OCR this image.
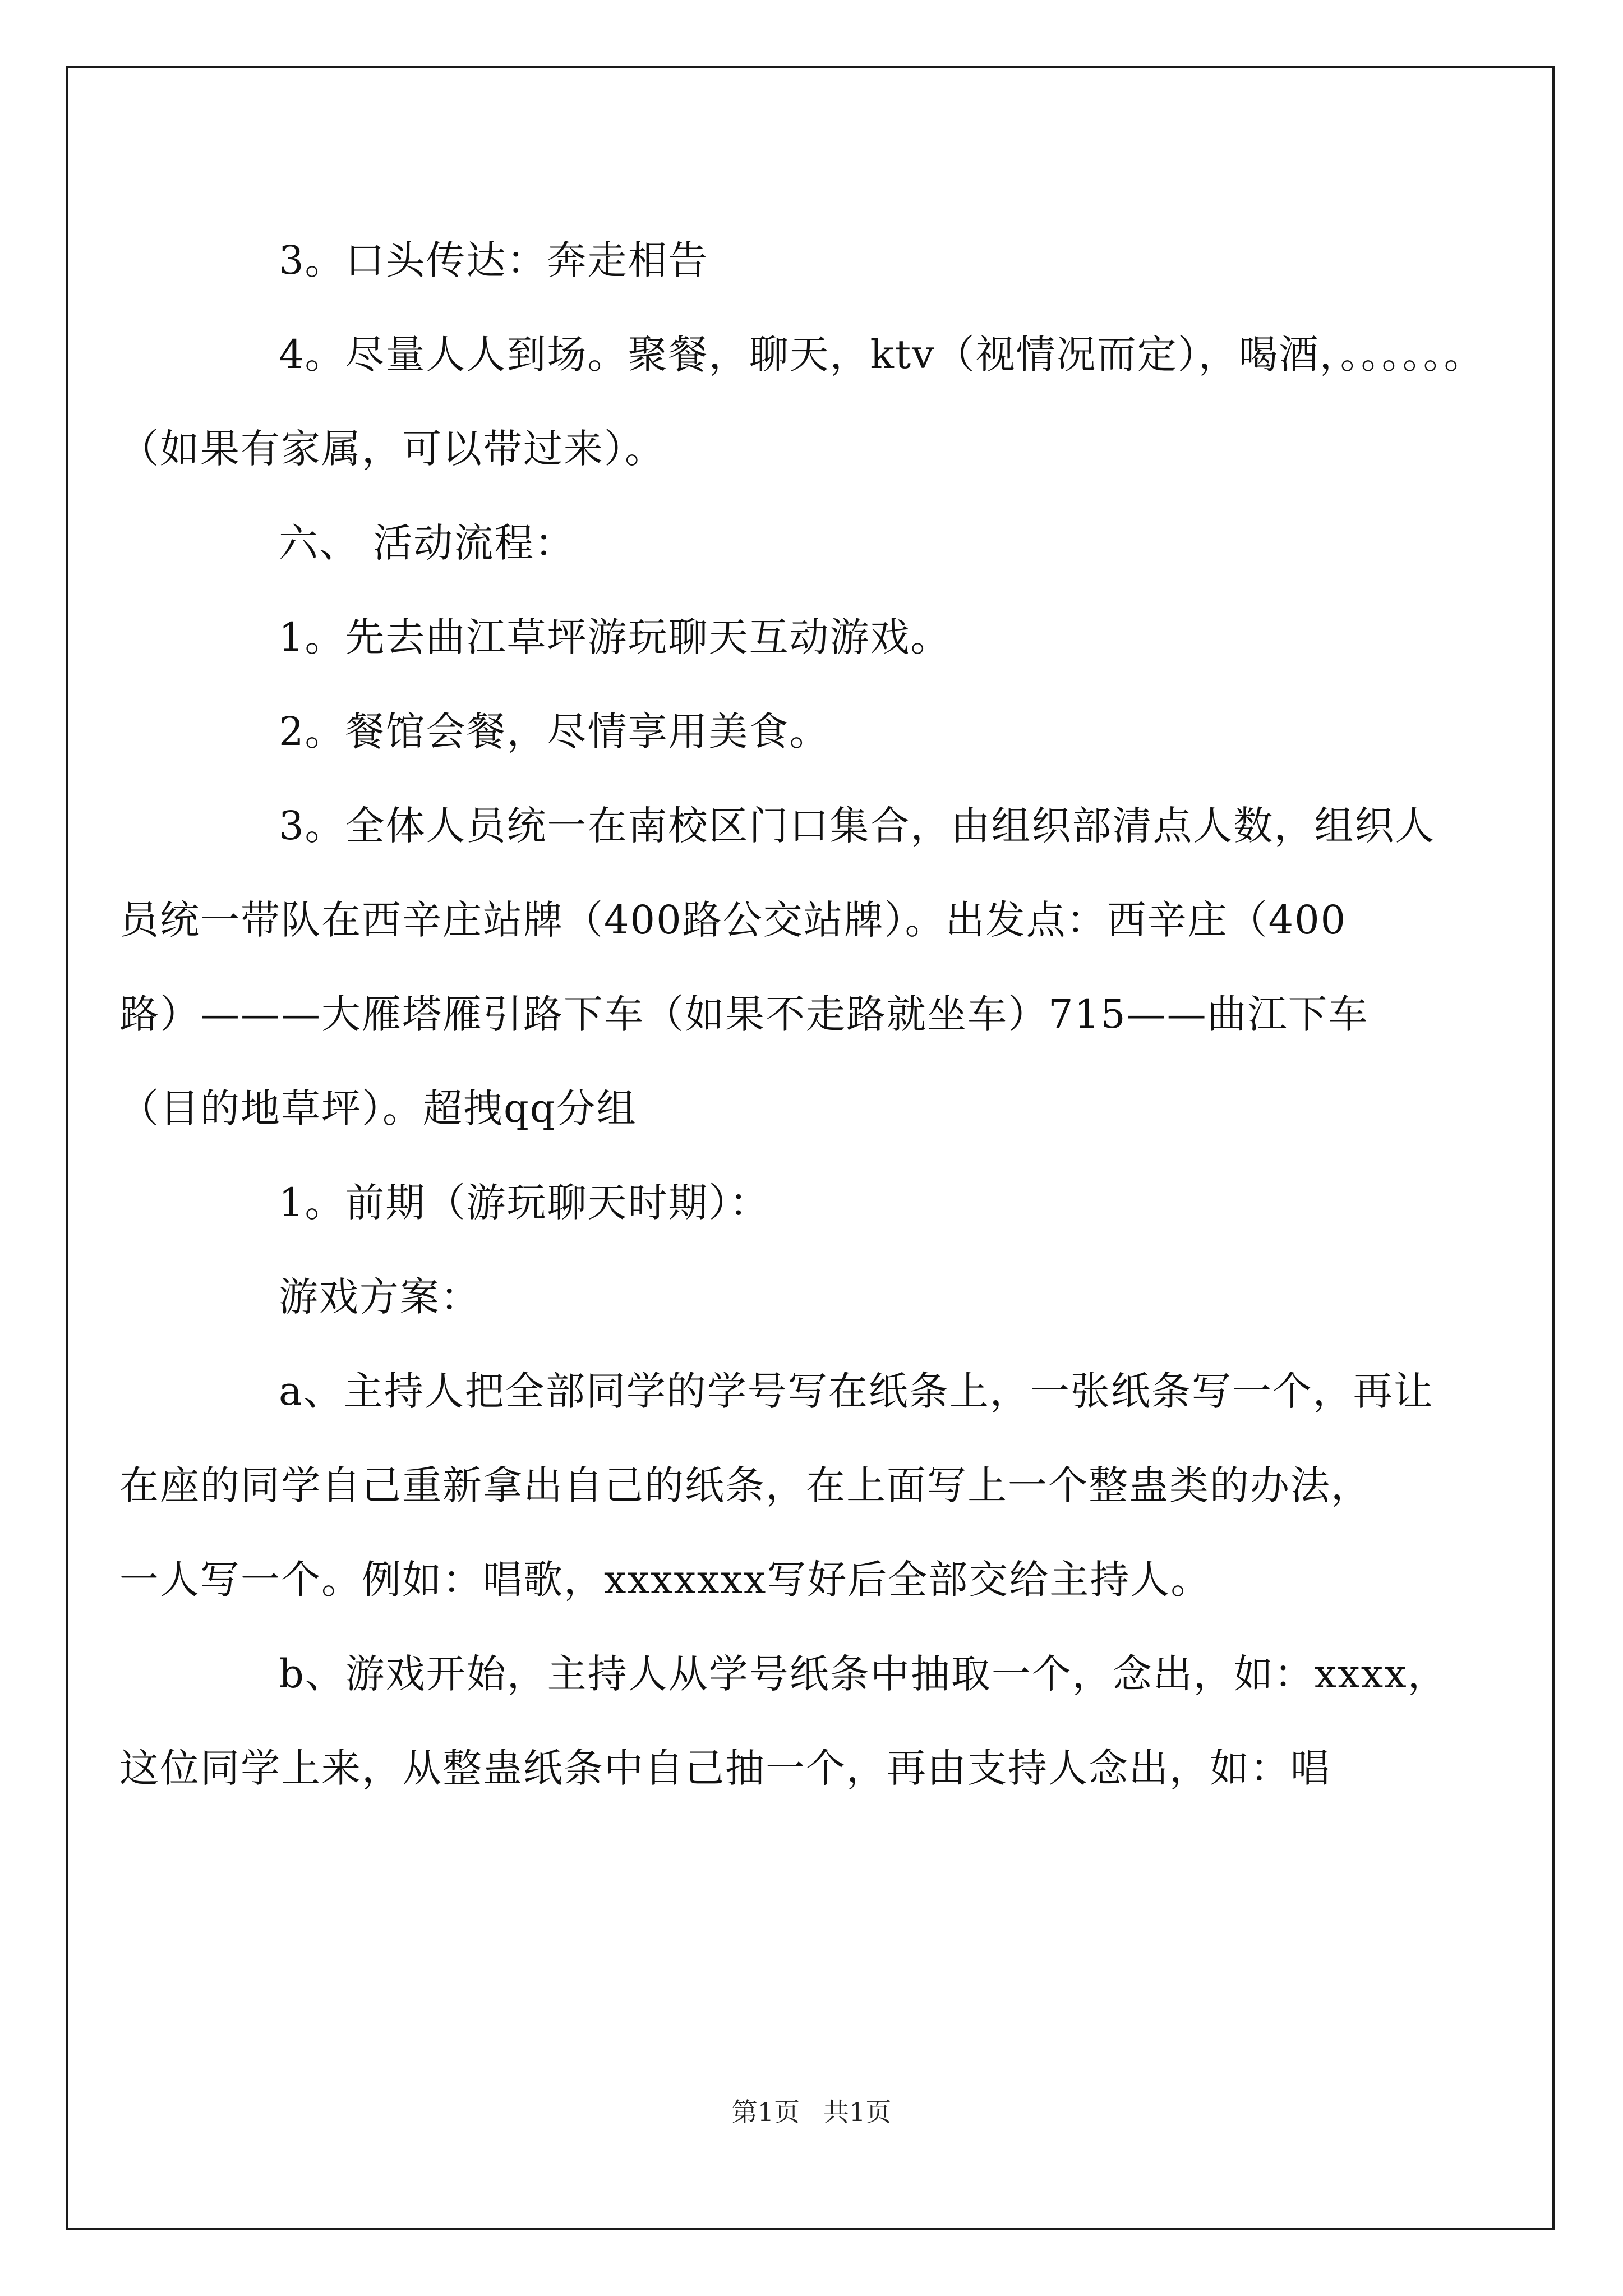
3。口头传达：奔走相告

4。尽量人人到场。聚餐，聊天，ktv（视情况而定），喝酒，。。。。。。
（如果有家属，可以带过来）。

六、 活动流程：

1。先去曲江草坪游玩聊天互动游戏。

2。餐馆会餐，尽情享用美食。

3。全体人员统一在南校区门口集合，由组织部清点人数，组织人
员统一带队在西辛庄站牌（400路公交站牌）。出发点：西辛庄（400
路）———大雁塔雁引路下车（如果不走路就坐车）715——曲江下车
（目的地草坪）。超拽qq分组

1。前期（游玩聊天时期）：

游戏方案：

a、主持人把全部同学的学号写在纸条上，一张纸条写一个，再让
在座的同学自己重新拿出自己的纸条，在上面写上一个整蛊类的办法，
一人写一个。例如：唱歌，xxxxxxx写好后全部交给主持人。

b、游戏开始，主持人从学号纸条中抽取一个，念出，如：xxxx，
这位同学上来，从整蛊纸条中自己抽一个，再由支持人念出，如：唱

第1页 共1页
